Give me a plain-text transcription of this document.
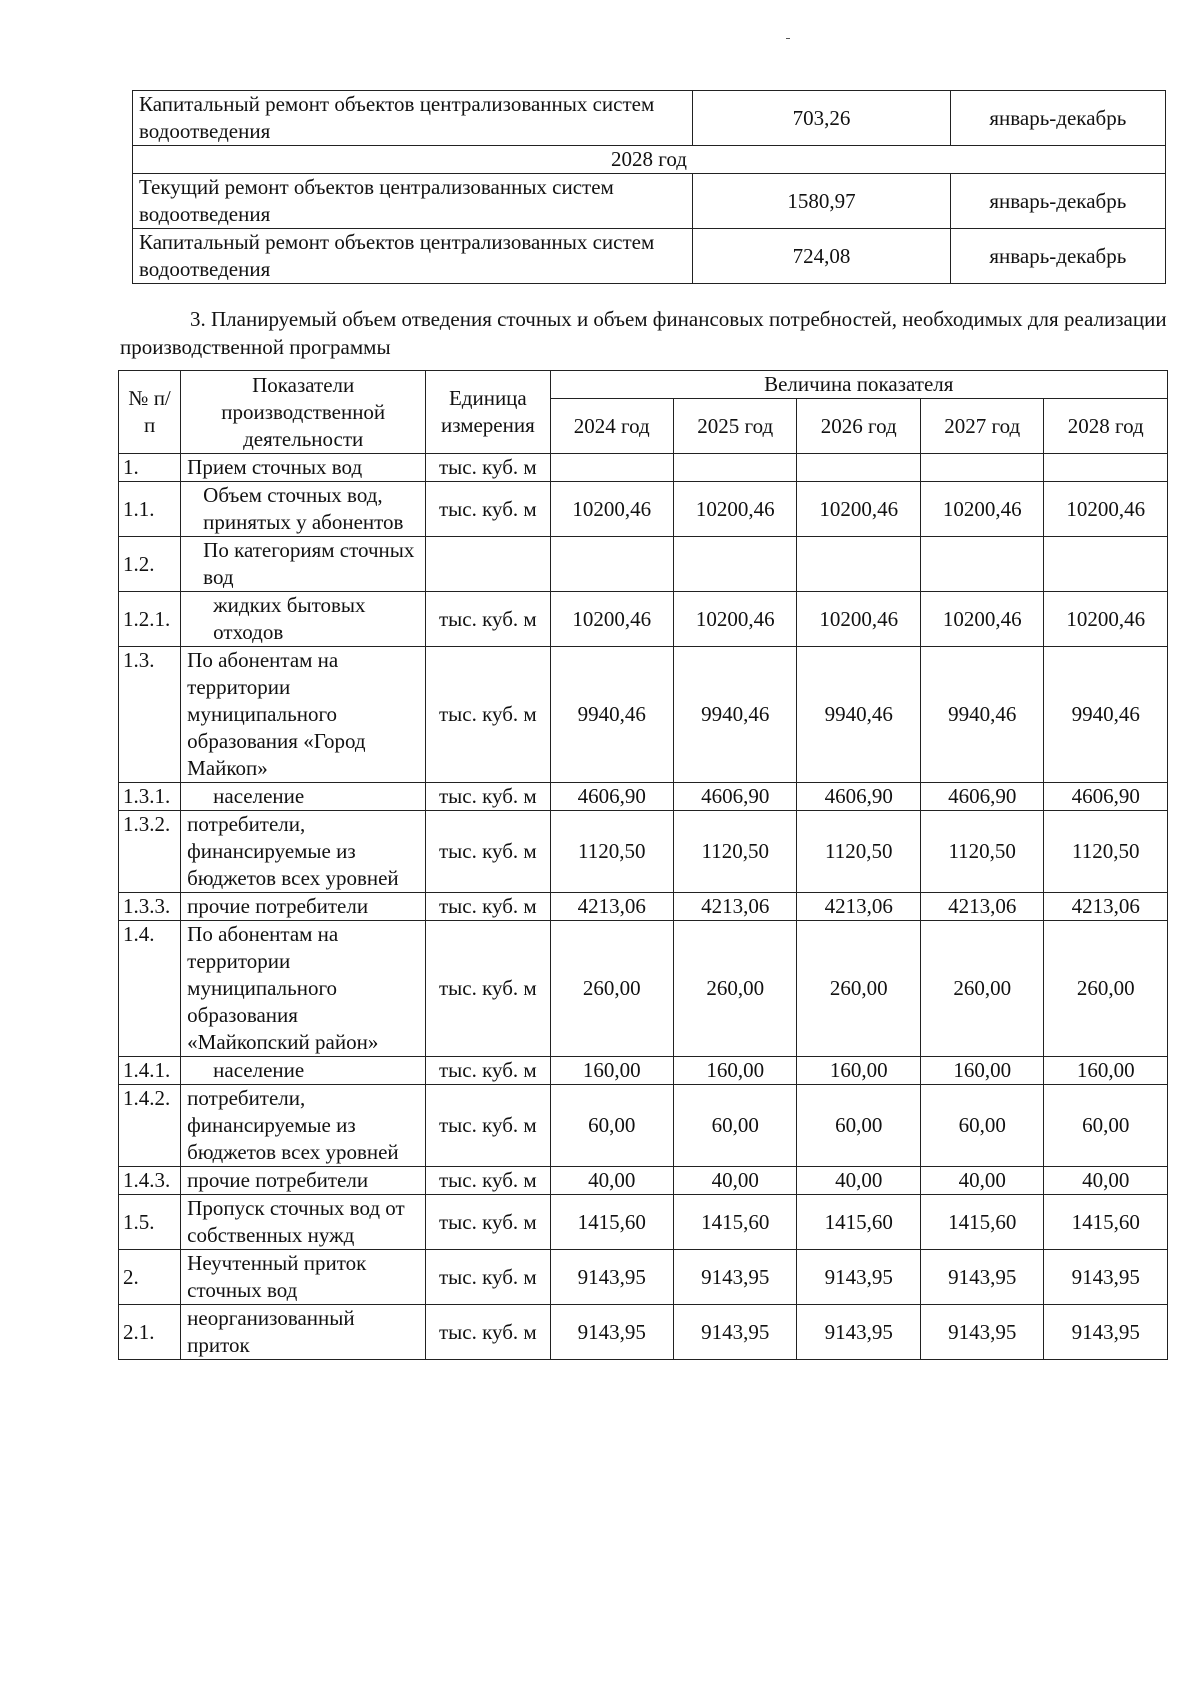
Капитальный ремонт объектов централизованных систем водоотведения	703,26	январь-декабрь
2028 год		
Текущий ремонт объектов централизованных систем водоотведения	1580,97	январь-декабрь
Капитальный ремонт объектов централизованных систем водоотведения	724,08	январь-декабрь
3. Планируемый объем отведения сточных и объем финансовых потребностей, необходимых для реализации производственной программы
№ п/п	Показатели производственной деятельности	Единица измерения	Величина показателя				
			2024 год	2025 год	2026 год	2027 год	2028 год
1.	Прием сточных вод	тыс. куб. м					
1.1.	Объем сточных вод, принятых у абонентов	тыс. куб. м	10200,46	10200,46	10200,46	10200,46	10200,46
1.2.	По категориям сточных вод						
1.2.1.	жидких бытовых отходов	тыс. куб. м	10200,46	10200,46	10200,46	10200,46	10200,46
1.3.	По абонентам на территории муниципального образования «Город Майкоп»	тыс. куб. м	9940,46	9940,46	9940,46	9940,46	9940,46
1.3.1.	население	тыс. куб. м	4606,90	4606,90	4606,90	4606,90	4606,90
1.3.2.	потребители, финансируемые из бюджетов всех уровней	тыс. куб. м	1120,50	1120,50	1120,50	1120,50	1120,50
1.3.3.	прочие потребители	тыс. куб. м	4213,06	4213,06	4213,06	4213,06	4213,06
1.4.	По абонентам на территории муниципального образования «Майкопский район»	тыс. куб. м	260,00	260,00	260,00	260,00	260,00
1.4.1.	население	тыс. куб. м	160,00	160,00	160,00	160,00	160,00
1.4.2.	потребители, финансируемые из бюджетов всех уровней	тыс. куб. м	60,00	60,00	60,00	60,00	60,00
1.4.3.	прочие потребители	тыс. куб. м	40,00	40,00	40,00	40,00	40,00
1.5.	Пропуск сточных вод от собственных нужд	тыс. куб. м	1415,60	1415,60	1415,60	1415,60	1415,60
2.	Неучтенный приток сточных вод	тыс. куб. м	9143,95	9143,95	9143,95	9143,95	9143,95
2.1.	неорганизованный приток	тыс. куб. м	9143,95	9143,95	9143,95	9143,95	9143,95
